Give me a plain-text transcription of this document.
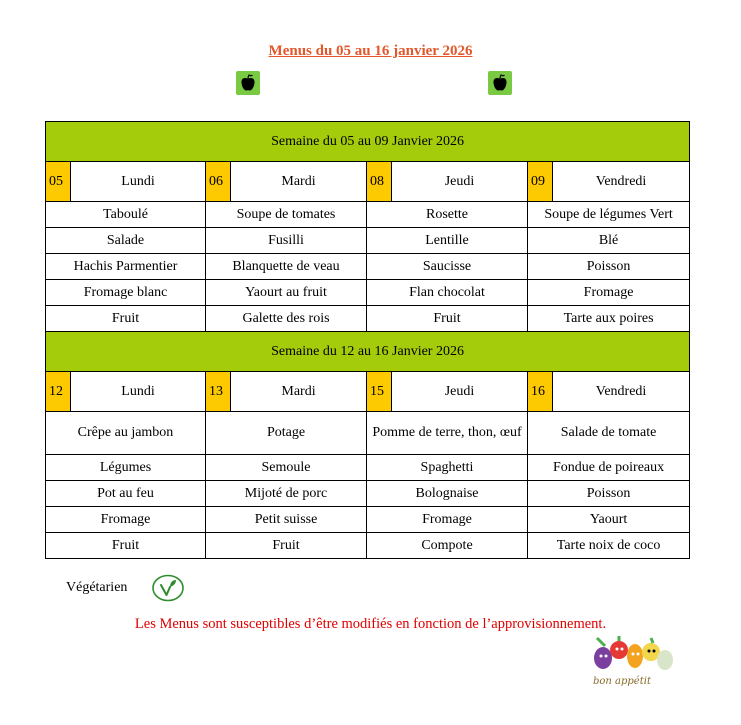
Menus du 05 au 16 janvier 2026
Semaine du 05 au 09 Janvier 2026							
05	Lundi	06	Mardi	08	Jeudi	09	Vendredi
Taboulé		Soupe de tomates		Rosette		Soupe de légumes Vert	
Salade		Fusilli		Lentille		Blé	
Hachis Parmentier		Blanquette de veau		Saucisse		Poisson	
Fromage blanc		Yaourt au fruit		Flan chocolat		Fromage	
Fruit		Galette des rois		Fruit		Tarte aux poires	
Semaine du 12 au 16 Janvier 2026							
12	Lundi	13	Mardi	15	Jeudi	16	Vendredi
Crêpe au jambon		Potage		Pomme de terre, thon, œuf		Salade de tomate	
Légumes		Semoule		Spaghetti		Fondue de poireaux	
Pot au feu		Mijoté de porc		Bolognaise		Poisson	
Fromage		Petit suisse		Fromage		Yaourt	
Fruit		Fruit		Compote		Tarte noix de coco	
Végétarien
Les Menus sont susceptibles d’être modifiés en fonction de l’approvisionnement.
bon appétit
